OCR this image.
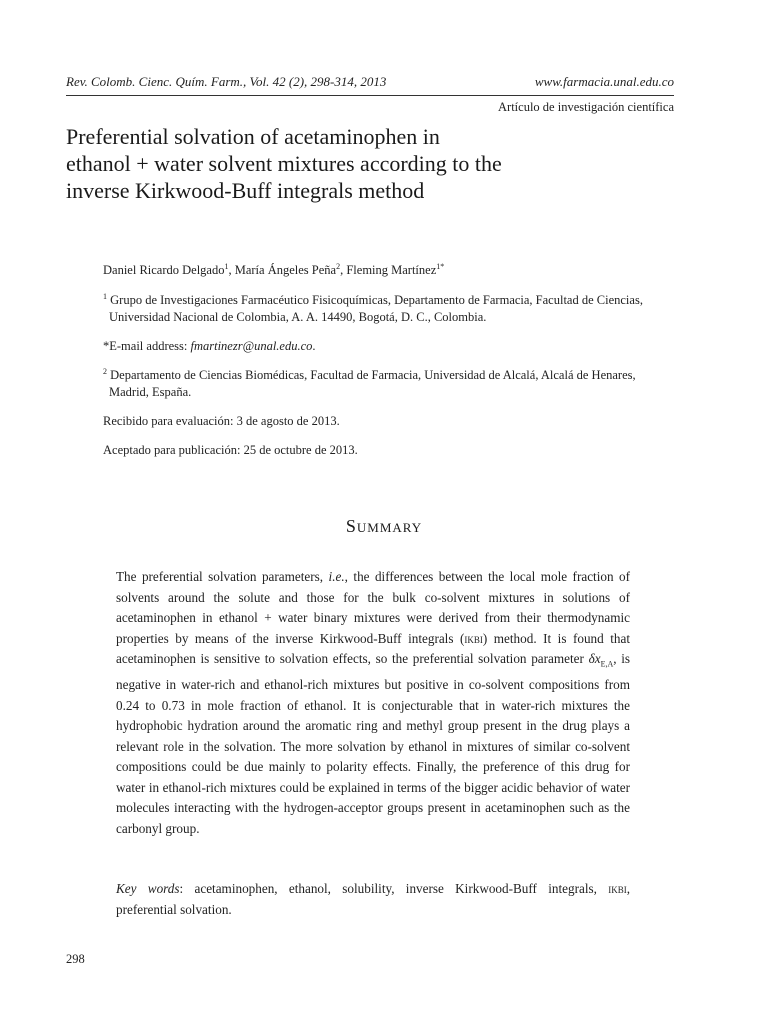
Rev. Colomb. Cienc. Quím. Farm., Vol. 42 (2), 298-314, 2013	www.farmacia.unal.edu.co
Artículo de investigación científica
Preferential solvation of acetaminophen in ethanol + water solvent mixtures according to the inverse Kirkwood-Buff integrals method
Daniel Ricardo Delgado$^1$, María Ángeles Peña$^2$, Fleming Martínez$^{1*}$
$^1$ Grupo de Investigaciones Farmacéutico Fisicoquímicas, Departamento de Farmacia, Facultad de Ciencias, Universidad Nacional de Colombia, A. A. 14490, Bogotá, D. C., Colombia.
*E-mail address: fmartinezr@unal.edu.co.
$^2$ Departamento de Ciencias Biomédicas, Facultad de Farmacia, Universidad de Alcalá, Alcalá de Henares, Madrid, España.
Recibido para evaluación: 3 de agosto de 2013.
Aceptado para publicación: 25 de octubre de 2013.
Summary
The preferential solvation parameters, i.e., the differences between the local mole fraction of solvents around the solute and those for the bulk co-solvent mixtures in solutions of acetaminophen in ethanol + water binary mixtures were derived from their thermodynamic properties by means of the inverse Kirkwood-Buff integrals (ikbi) method. It is found that acetaminophen is sensitive to solvation effects, so the preferential solvation parameter $\delta x_{E,A}$, is negative in water-rich and ethanol-rich mixtures but positive in co-solvent compositions from 0.24 to 0.73 in mole fraction of ethanol. It is conjecturable that in water-rich mixtures the hydrophobic hydration around the aromatic ring and methyl group present in the drug plays a relevant role in the solvation. The more solvation by ethanol in mixtures of similar co-solvent compositions could be due mainly to polarity effects. Finally, the preference of this drug for water in ethanol-rich mixtures could be explained in terms of the bigger acidic behavior of water molecules interacting with the hydrogen-acceptor groups present in acetaminophen such as the carbonyl group.
Key words: acetaminophen, ethanol, solubility, inverse Kirkwood-Buff integrals, ikbi, preferential solvation.
298
